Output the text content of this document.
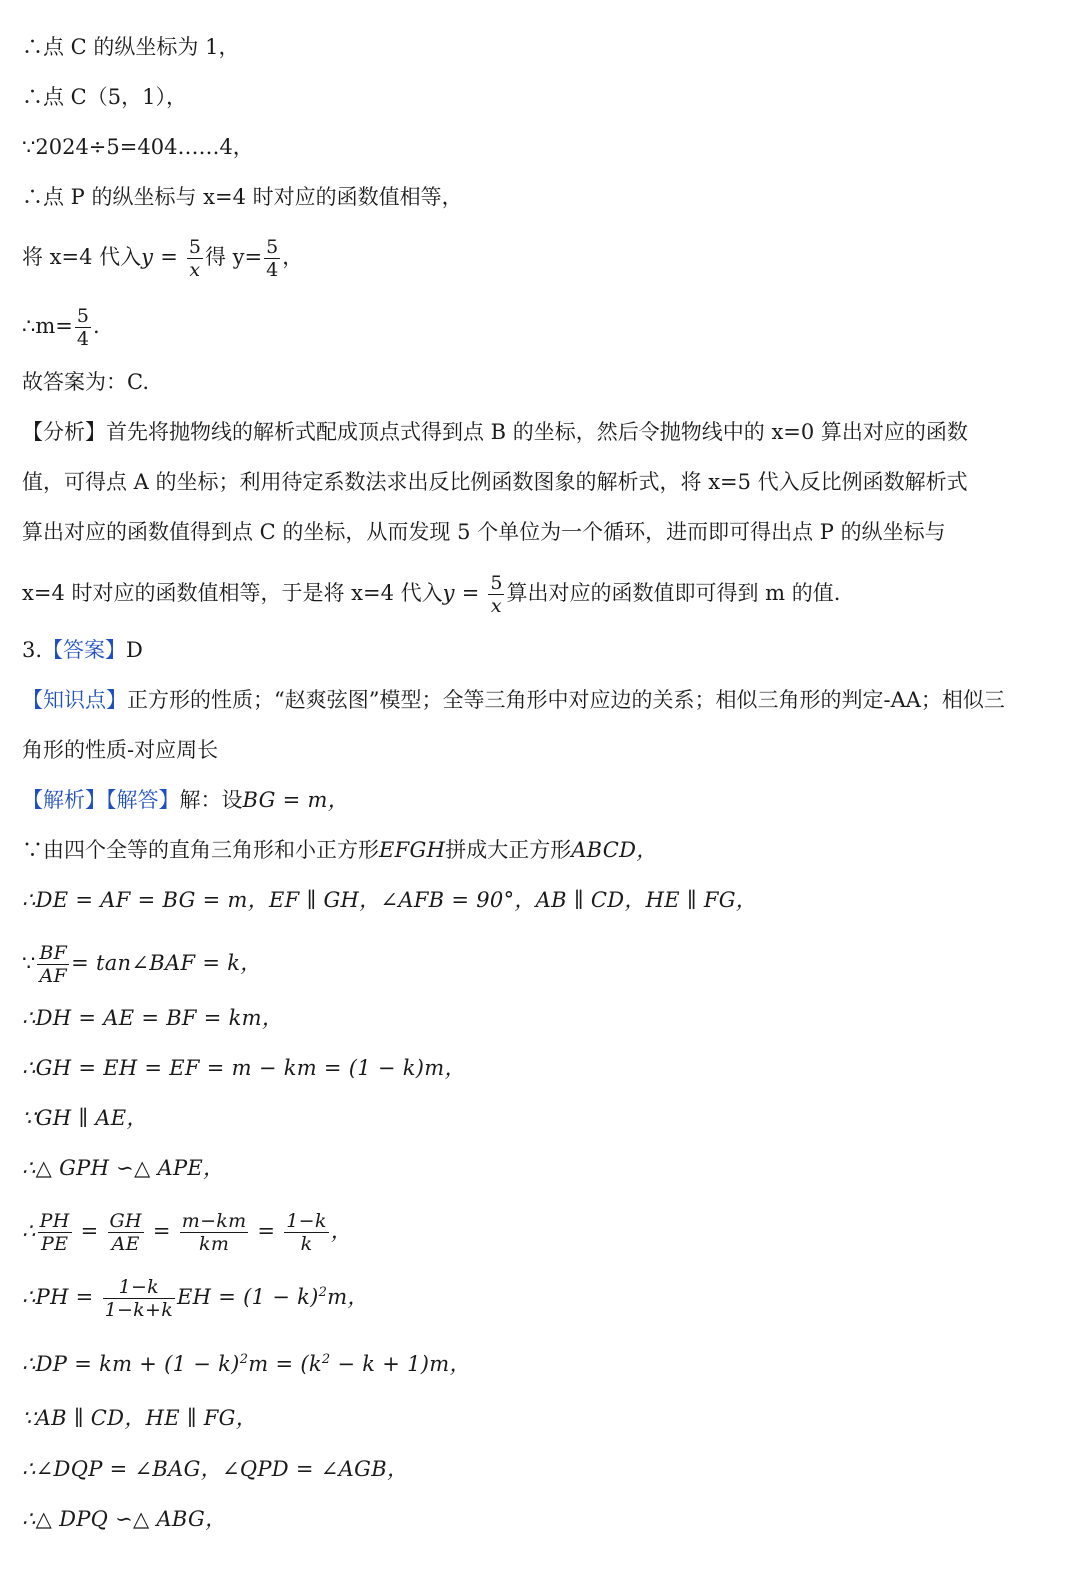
∴点 C 的纵坐标为 1，
∴点 C（5，1），
∵2024÷5=404……4，
∴点 P 的纵坐标与 x=4 时对应的函数值相等，
将 x=4 代入$y = \frac{5}{x}$ 得 $y= \frac{5}{4}$ ，
∴m= $\frac{5}{4}$ .
故答案为：C.
【分析】首先将抛物线的解析式配成顶点式得到点 B 的坐标，然后令抛物线中的 x=0 算出对应的函数
值，可得点 A 的坐标；利用待定系数法求出反比例函数图象的解析式，将 x=5 代入反比例函数解析式
算出对应的函数值得到点 C 的坐标，从而发现 5 个单位为一个循环，进而即可得出点 P 的纵坐标与
x=4 时对应的函数值相等，于是将 x=4 代入$y = \frac{5}{x}$ 算出对应的函数值即可得到 m 的值.
3.【答案】D
【知识点】正方形的性质；“赵爽弦图”模型；全等三角形中对应边的关系；相似三角形的判定-AA；相似三
角形的性质-对应周长
【解析】【解答】解：设BG = m，
∵由四个全等的直角三角形和小正方形EFGH拼成大正方形ABCD，
∴DE = AF = BG = m，EF ∥ GH，∠AFB = 90°，AB ∥ CD，HE ∥ FG，
∵ $\frac{BF}{AF}$ = tan∠BAF = k，
∴DH = AE = BF = km，
∴GH = EH = EF = m − km = (1 − k)m，
∵GH ∥ AE，
∴△ GPH ∽△ APE，
∴ $\frac{PH}{PE} = \frac{GH}{AE} = \frac{m-km}{km} = \frac{1-k}{k}$ ，
∴PH = $\frac{1-k}{1-k+k}$ EH = $(1 - k)^2m$，
∴DP = km + $(1 - k)^2m = (k^2 - k + 1)m$，
∵AB ∥ CD，HE ∥ FG，
∴∠DQP = ∠BAG，∠QPD = ∠AGB，
∴△ DPQ ∽△ ABG，
